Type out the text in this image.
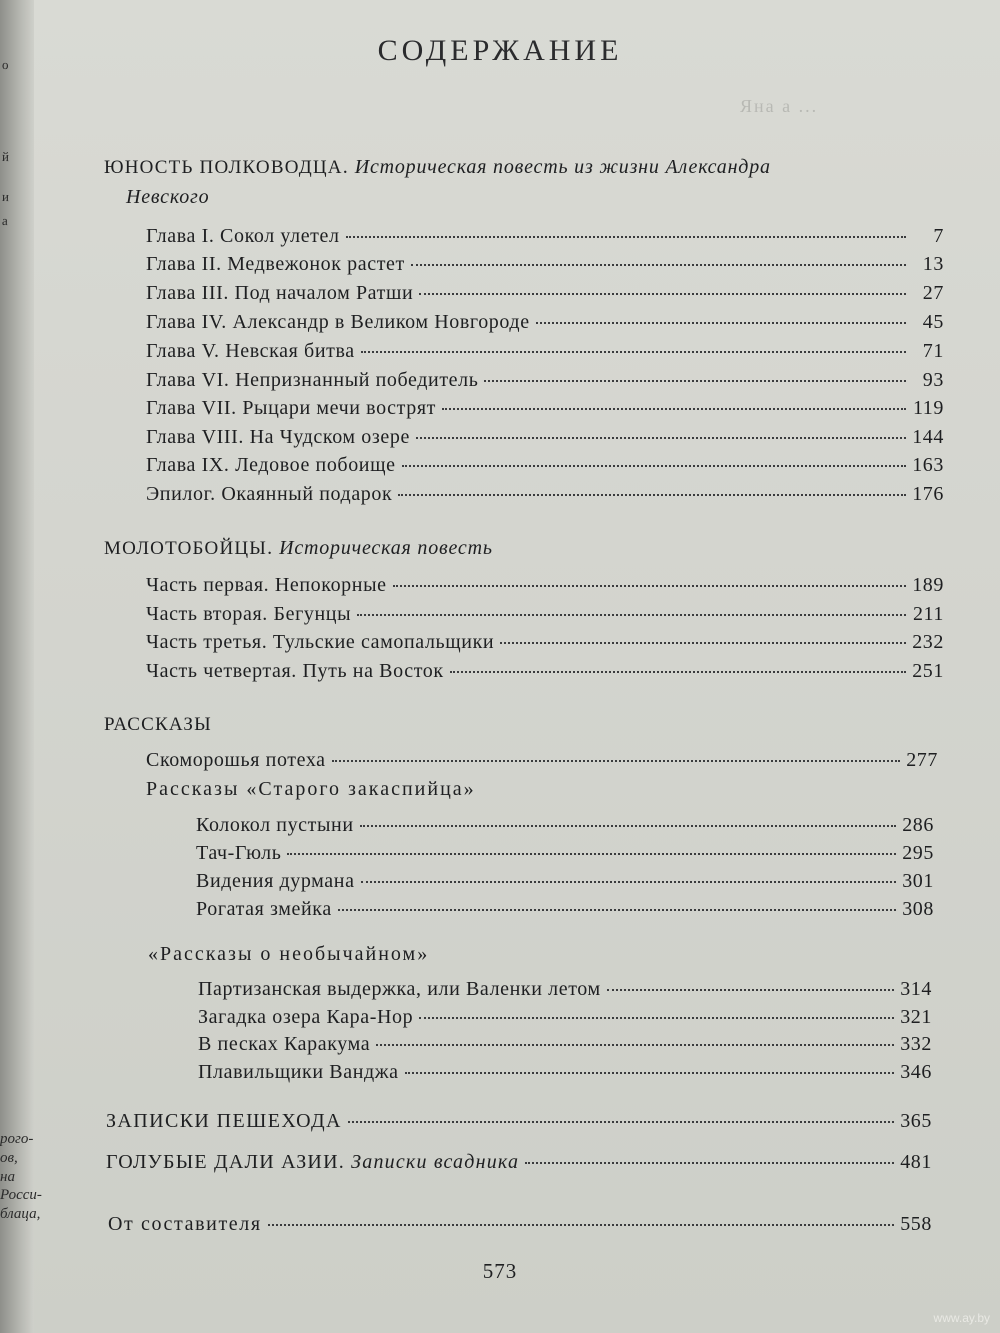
о
й
и
а
рого-
ов, на
Росси-
блаца,
Яна а ...
СОДЕРЖАНИЕ
ЮНОСТЬ ПОЛКОВОДЦА. Историческая повесть из жизни Александра
Невского
Глава I. Сокол улетел	7
Глава II. Медвежонок растет	13
Глава III. Под началом Ратши	27
Глава IV. Александр в Великом Новгороде	45
Глава V. Невская битва	71
Глава VI. Непризнанный победитель	93
Глава VII. Рыцари мечи вострят	119
Глава VIII. На Чудском озере	144
Глава IX. Ледовое побоище	163
Эпилог. Окаянный подарок	176
МОЛОТОБОЙЦЫ. Историческая повесть
Часть первая. Непокорные	189
Часть вторая. Бегунцы	211
Часть третья. Тульские самопальщики	232
Часть четвертая. Путь на Восток	251
РАССКАЗЫ
Скоморошья потеха	277
Рассказы «Старого закаспийца»
Колокол пустыни	286
Тач-Гюль	295
Видения дурмана	301
Рогатая змейка	308
«Рассказы о необычайном»
Партизанская выдержка, или Валенки летом	314
Загадка озера Кара-Нор	321
В песках Каракума	332
Плавильщики Ванджа	346
ЗАПИСКИ ПЕШЕХОДА	365
ГОЛУБЫЕ ДАЛИ АЗИИ. Записки всадника	481
От составителя	558
573
www.ay.by
